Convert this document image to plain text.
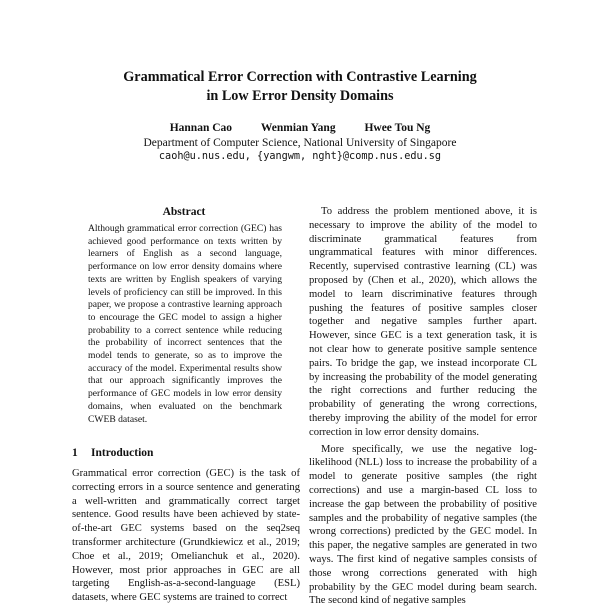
Grammatical Error Correction with Contrastive Learning
in Low Error Density Domains
Hannan Cao	Wenmian Yang	Hwee Tou Ng
Department of Computer Science, National University of Singapore
caoh@u.nus.edu, {yangwm, nght}@comp.nus.edu.sg
Abstract
Although grammatical error correction (GEC) has achieved good performance on texts written by learners of English as a second language, performance on low error density domains where texts are written by English speakers of varying levels of proficiency can still be improved. In this paper, we propose a contrastive learning approach to encourage the GEC model to assign a higher probability to a correct sentence while reducing the probability of incorrect sentences that the model tends to generate, so as to improve the accuracy of the model. Experimental results show that our approach significantly improves the performance of GEC models in low error density domains, when evaluated on the benchmark CWEB dataset.
1 Introduction

Grammatical error correction (GEC) is the task of correcting errors in a source sentence and generating a well-written and grammatically correct target sentence. Good results have been achieved by state-of-the-art GEC systems based on the seq2seq transformer architecture (Grundkiewicz et al., 2019; Choe et al., 2019; Omelianchuk et al., 2020). However, most prior approaches in GEC are all targeting English-as-a-second-language (ESL) datasets, where GEC systems are trained to correct

To address the problem mentioned above, it is necessary to improve the ability of the model to discriminate grammatical features from ungrammatical features with minor differences. Recently, supervised contrastive learning (CL) was proposed by (Chen et al., 2020), which allows the model to learn discriminative features through pushing the features of positive samples closer together and negative samples further apart. However, since GEC is a text generation task, it is not clear how to generate positive sample sentence pairs. To bridge the gap, we instead incorporate CL by increasing the probability of the model generating the right corrections and further reducing the probability of generating the wrong corrections, thereby improving the ability of the model for error correction in low error density domains.

More specifically, we use the negative log-likelihood (NLL) loss to increase the probability of a model to generate positive samples (the right corrections) and use a margin-based CL loss to increase the gap between the probability of positive samples and the probability of negative samples (the wrong corrections) predicted by the GEC model. In this paper, the negative samples are generated in two ways. The first kind of negative samples consists of those wrong corrections generated with high probability by the GEC model during beam search. The second kind of negative samples
